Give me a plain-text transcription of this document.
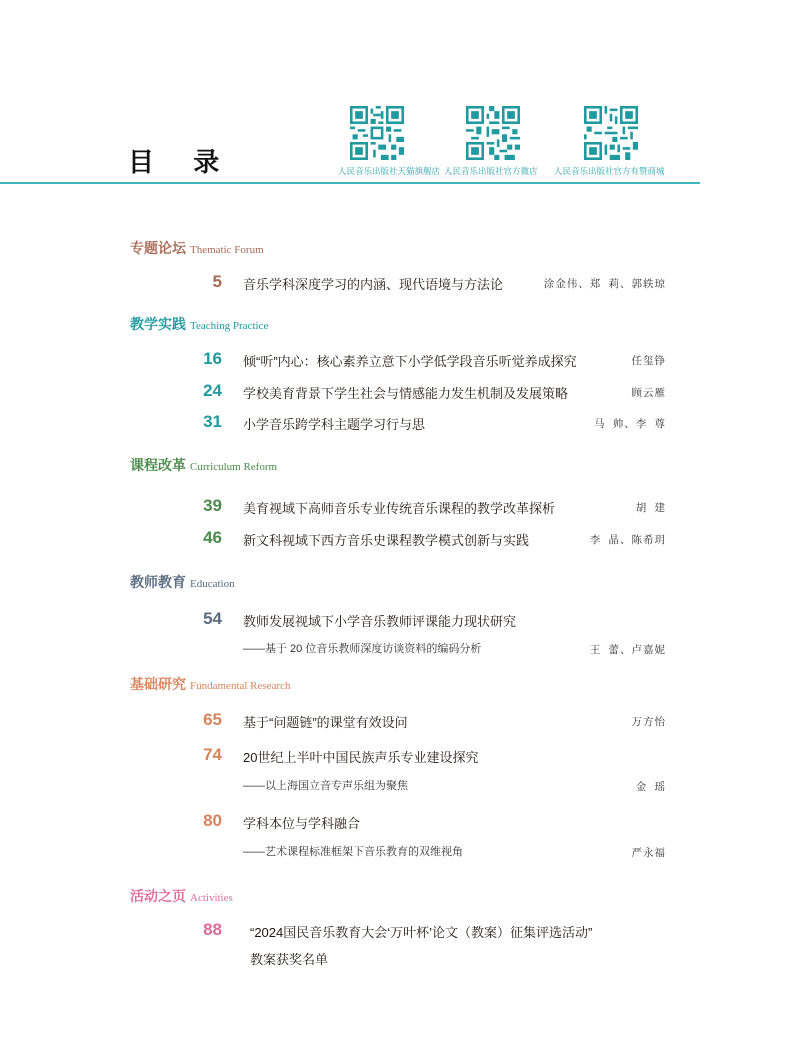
目 录	人民音乐出版社天猫旗舰店 人民音乐出版社官方微店 人民音乐出版社官方有赞商城
专题论坛 Thematic Forum
5 音乐学科深度学习的内涵、现代语境与方法论	涂金伟、郑  莉、郭轶琼
教学实践 Teaching Practice
16 倾“听”内心：核心素养立意下小学低学段音乐听觉养成探究	任玺铮
24 学校美育背景下学生社会与情感能力发生机制及发展策略	顾云雁
31 小学音乐跨学科主题学习行与思	马  帅、李  尊
课程改革 Curriculum Reform
39 美育视域下高师音乐专业传统音乐课程的教学改革探析	胡  建
46 新文科视域下西方音乐史课程教学模式创新与实践	李  晶、陈希玥
教师教育 Education
54 教师发展视域下小学音乐教师评课能力现状研究
——基于 20 位音乐教师深度访谈资料的编码分析	王  蕾、卢嘉妮
基础研究 Fundamental Research
65 基于“问题链”的课堂有效设问	万方怡
74 20世纪上半叶中国民族声乐专业建设探究
——以上海国立音专声乐组为聚焦	金  瑶
80 学科本位与学科融合
——艺术课程标准框架下音乐教育的双维视角	严永福
活动之页 Activities
88 “2024国民音乐教育大会‘万叶杯’论文（教案）征集评选活动”
教案获奖名单
